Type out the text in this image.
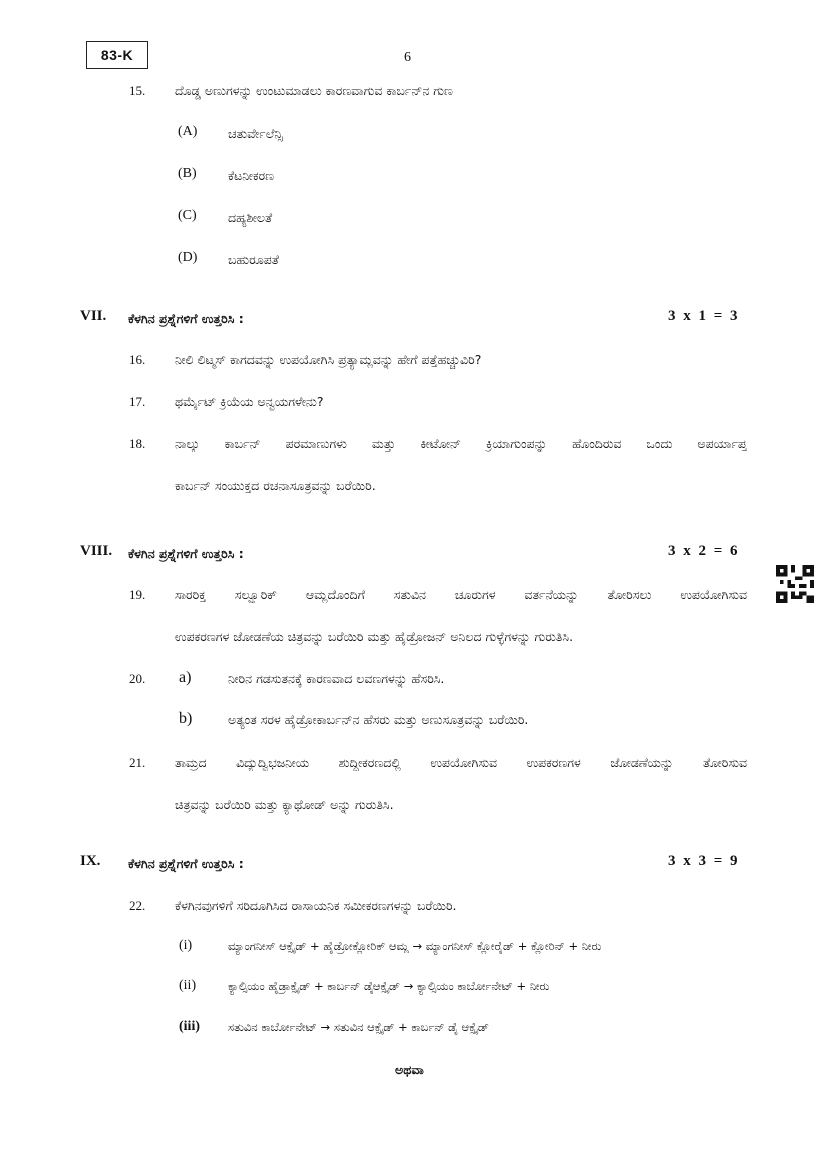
83-K	6
15. ದೊಡ್ಡ ಅಣುಗಳನ್ನು ಉಂಟುಮಾಡಲು ಕಾರಣವಾಗುವ ಕಾರ್ಬನ್‌ನ ಗುಣ
(A) ಚತುರ್ವೇಲೆನ್ಸಿ
(B)	ಕೆಟನೀಕರಣ
(C)	ದಹ್ಯಶೀಲತೆ
(D) ಬಹುರೂಪತೆ
VII. ಕೆಳಗಿನ ಪ್ರಶ್ನೆಗಳಿಗೆ ಉತ್ತರಿಸಿ :	3 x 1 = 3
16. ನೀಲಿ ಲಿಟ್ಮಸ್ ಕಾಗದವನ್ನು ಉಪಯೋಗಿಸಿ ಪ್ರತ್ಯಾಮ್ಲವನ್ನು ಹೇಗೆ ಪತ್ತೆಹಚ್ಚುವಿರಿ?
17. ಥರ್ಮೈಟ್ ಕ್ರಿಯೆಯ ಅನ್ವಯಗಳೇನು?
18. ನಾಲ್ಕು ಕಾರ್ಬನ್ ಪರಮಾಣುಗಳು ಮತ್ತು ಕೀಟೋನ್ ಕ್ರಿಯಾಗುಂಪನ್ನು ಹೊಂದಿರುವ ಒಂದು ಅಪರ್ಯಾಪ್ತ
ಕಾರ್ಬನ್ ಸಂಯುಕ್ತದ ರಚನಾಸೂತ್ರವನ್ನು ಬರೆಯಿರಿ.
VIII. ಕೆಳಗಿನ ಪ್ರಶ್ನೆಗಳಿಗೆ ಉತ್ತರಿಸಿ :	3 x 2 = 6
19. ಸಾರರಿಕ್ತ ಸಲ್ಫ್ಯೂರಿಕ್ ಆಮ್ಲದೊಂದಿಗೆ ಸತುವಿನ ಚೂರುಗಳ ವರ್ತನೆಯನ್ನು ತೋರಿಸಲು ಉಪಯೋಗಿಸುವ
ಉಪಕರಣಗಳ ಜೋಡಣೆಯ ಚಿತ್ರವನ್ನು ಬರೆಯಿರಿ ಮತ್ತು ಹೈಡ್ರೋಜನ್ ಅನಿಲದ ಗುಳ್ಳೆಗಳನ್ನು ಗುರುತಿಸಿ.
20. a)	ನೀರಿನ ಗಡಸುತನಕ್ಕೆ ಕಾರಣವಾದ ಲವಣಗಳನ್ನು ಹೆಸರಿಸಿ.
b)	ಅತ್ಯಂತ ಸರಳ ಹೈಡ್ರೋಕಾರ್ಬನ್‌ನ ಹೆಸರು ಮತ್ತು ಅಣುಸೂತ್ರವನ್ನು ಬರೆಯಿರಿ.
21. ತಾಮ್ರದ ವಿದ್ಯುದ್ವಿಭಜನೀಯ ಶುದ್ಧೀಕರಣದಲ್ಲಿ ಉಪಯೋಗಿಸುವ ಉಪಕರಣಗಳ ಜೋಡಣೆಯನ್ನು ತೋರಿಸುವ
ಚಿತ್ರವನ್ನು ಬರೆಯಿರಿ ಮತ್ತು ಕ್ಯಾಥೋಡ್ ಅನ್ನು ಗುರುತಿಸಿ.
IX. ಕೆಳಗಿನ ಪ್ರಶ್ನೆಗಳಿಗೆ ಉತ್ತರಿಸಿ :	3 x 3 = 9
22. ಕೆಳಗಿನವುಗಳಿಗೆ ಸರಿದೂಗಿಸಿದ ರಾಸಾಯನಿಕ ಸಮೀಕರಣಗಳನ್ನು ಬರೆಯಿರಿ.
(i)	ಮ್ಯಾಂಗನೀಸ್ ಆಕ್ಸೈಡ್ + ಹೈಡ್ರೋಕ್ಲೋರಿಕ್ ಆಮ್ಲ → ಮ್ಯಾಂಗನೀಸ್ ಕ್ಲೋರೈಡ್ + ಕ್ಲೋರಿನ್ + ನೀರು
(ii)	ಕ್ಯಾಲ್ಸಿಯಂ ಹೈಡ್ರಾಕ್ಸೈಡ್ + ಕಾರ್ಬನ್ ಡೈಆಕ್ಸೈಡ್ → ಕ್ಯಾಲ್ಸಿಯಂ ಕಾರ್ಬೋನೇಟ್ + ನೀರು
(iii) ಸತುವಿನ ಕಾರ್ಬೋನೇಟ್ → ಸತುವಿನ ಆಕ್ಸೈಡ್ + ಕಾರ್ಬನ್ ಡೈ ಆಕ್ಸೈಡ್
ಅಥವಾ
